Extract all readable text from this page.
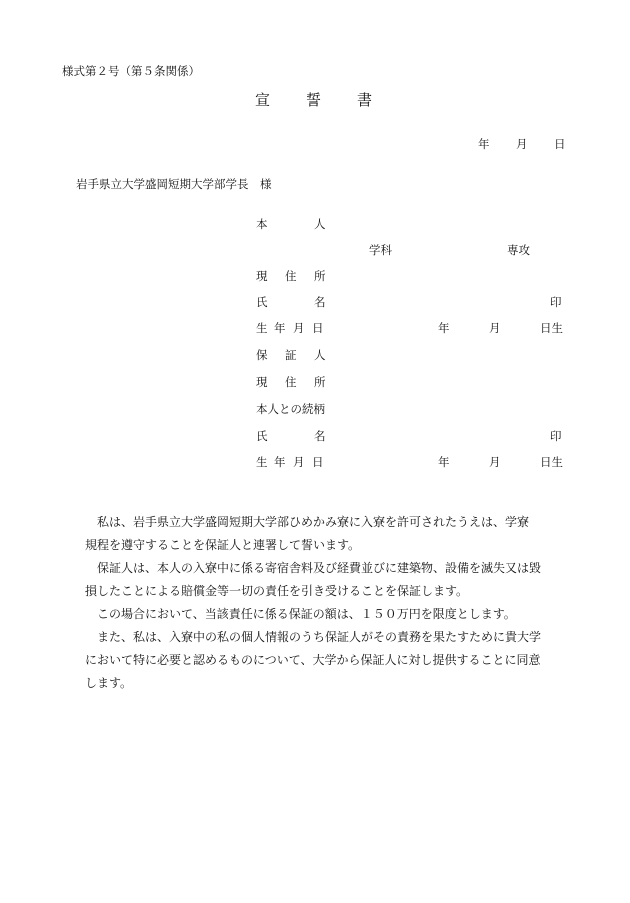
様式第２号（第５条関係）
宣 誓 書
年 月 日
岩手県立大学盛岡短期大学部学長　様
本	人
学科	専攻
現 住 所
氏	名	印
生 年 月 日	年	月	日生
保 証 人
現 住 所
本人との続柄
氏	名	印
生 年 月 日	年	月	日生
私は、岩手県立大学盛岡短期大学部ひめかみ寮に入寮を許可されたうえは、学寮
規程を遵守することを保証人と連署して誓います。
保証人は、本人の入寮中に係る寄宿舎料及び経費並びに建築物、設備を滅失又は毀
損したことによる賠償金等一切の責任を引き受けることを保証します。
この場合において、当該責任に係る保証の額は、１５０万円を限度とします。
また、私は、入寮中の私の個人情報のうち保証人がその責務を果たすために貴大学
において特に必要と認めるものについて、大学から保証人に対し提供することに同意
します。
